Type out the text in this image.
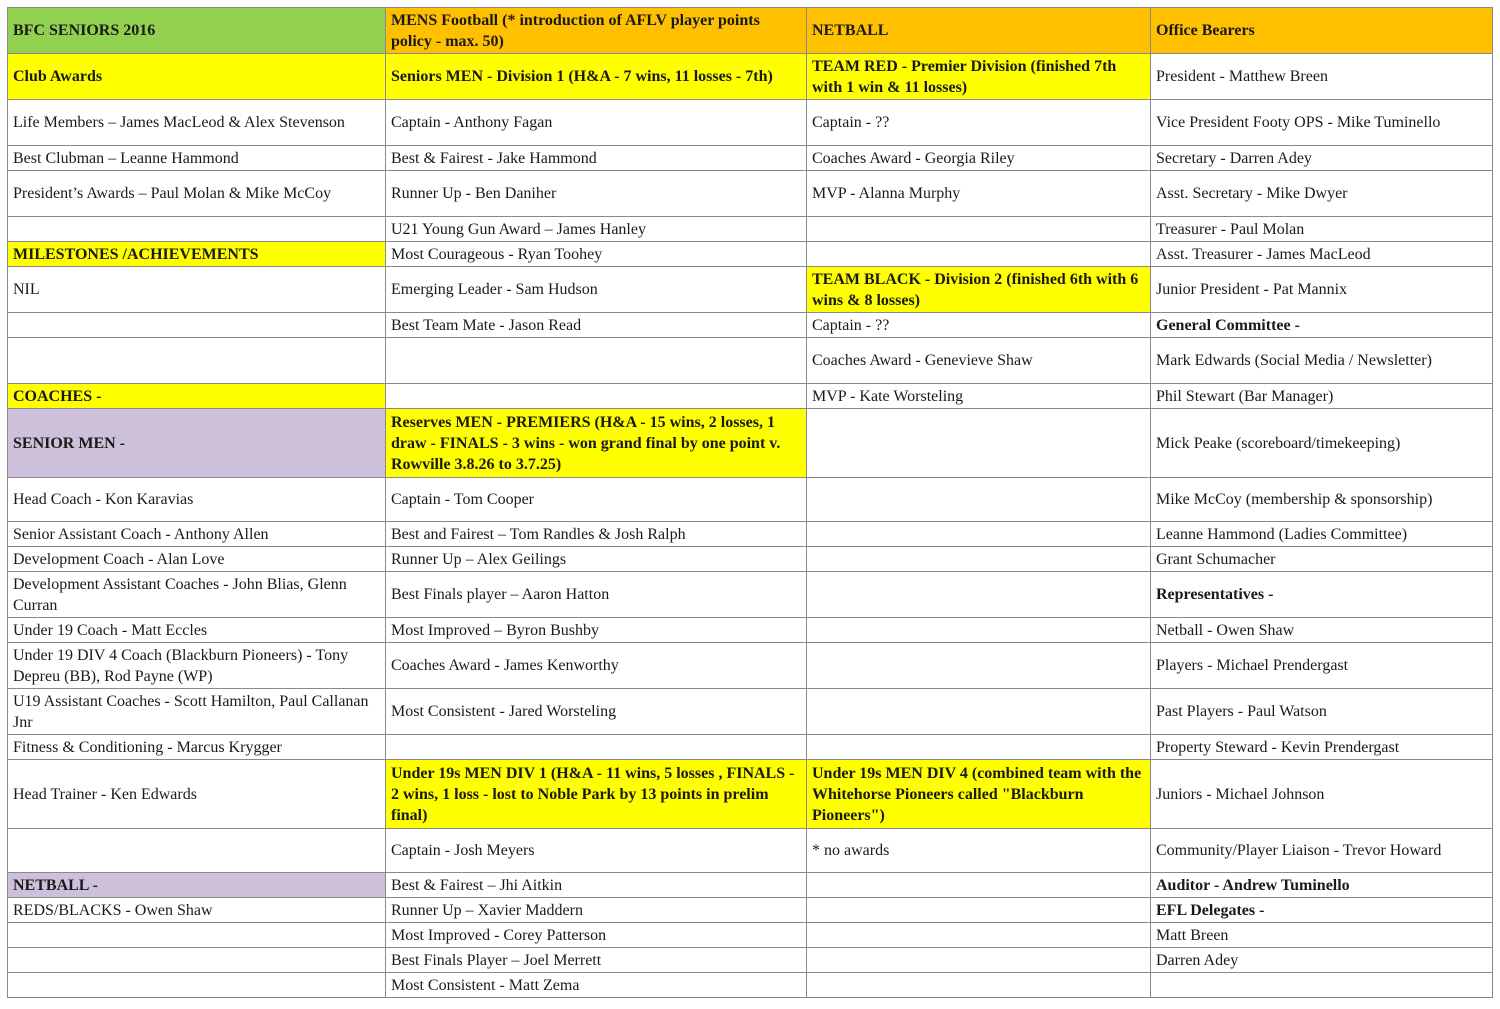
BFC SENIORS 2016	MENS Football (* introduction of AFLV player points policy - max. 50)	NETBALL	Office Bearers
Club Awards	Seniors MEN - Division 1 (H&A - 7 wins, 11 losses - 7th)	TEAM RED - Premier Division (finished 7th with 1 win & 11 losses)	President - Matthew Breen
Life Members – James MacLeod & Alex Stevenson	Captain - Anthony Fagan	Captain - ??	Vice President Footy OPS - Mike Tuminello
Best Clubman – Leanne Hammond	Best & Fairest - Jake Hammond	Coaches Award - Georgia Riley	Secretary - Darren Adey
President’s Awards – Paul Molan & Mike McCoy	Runner Up - Ben Daniher	MVP - Alanna Murphy	Asst. Secretary - Mike Dwyer
	U21 Young Gun Award – James Hanley		Treasurer - Paul Molan
MILESTONES /ACHIEVEMENTS	Most Courageous - Ryan Toohey		Asst. Treasurer - James MacLeod
NIL	Emerging Leader - Sam Hudson	TEAM BLACK - Division 2 (finished 6th with 6 wins & 8 losses)	Junior President - Pat Mannix
	Best Team Mate - Jason Read	Captain - ??	General Committee -
		Coaches Award - Genevieve Shaw	Mark Edwards (Social Media / Newsletter)
COACHES -		MVP - Kate Worsteling	Phil Stewart (Bar Manager)
SENIOR MEN -	Reserves MEN - PREMIERS (H&A - 15 wins, 2 losses, 1 draw - FINALS - 3 wins - won grand final by one point v. Rowville 3.8.26 to 3.7.25)		Mick Peake (scoreboard/timekeeping)
Head Coach - Kon Karavias	Captain - Tom Cooper		Mike McCoy (membership & sponsorship)
Senior Assistant Coach - Anthony Allen	Best and Fairest – Tom Randles & Josh Ralph		Leanne Hammond (Ladies Committee)
Development Coach - Alan Love	Runner Up – Alex Geilings		Grant Schumacher
Development Assistant Coaches - John Blias, Glenn Curran	Best Finals player – Aaron Hatton		Representatives -
Under 19 Coach - Matt Eccles	Most Improved – Byron Bushby		Netball - Owen Shaw
Under 19 DIV 4 Coach (Blackburn Pioneers) - Tony Depreu (BB), Rod Payne (WP)	Coaches Award - James Kenworthy		Players - Michael Prendergast
U19 Assistant Coaches - Scott Hamilton, Paul Callanan Jnr	Most Consistent - Jared Worsteling		Past Players - Paul Watson
Fitness & Conditioning - Marcus Krygger			Property Steward - Kevin Prendergast
Head Trainer - Ken Edwards	Under 19s MEN DIV 1 (H&A - 11 wins, 5 losses , FINALS - 2 wins, 1 loss - lost to Noble Park by 13 points in prelim final)	Under 19s MEN DIV 4 (combined team with the Whitehorse Pioneers called "Blackburn Pioneers")	Juniors - Michael Johnson
	Captain - Josh Meyers	* no awards	Community/Player Liaison - Trevor Howard
NETBALL -	Best & Fairest – Jhi Aitkin		Auditor - Andrew Tuminello
REDS/BLACKS - Owen Shaw	Runner Up – Xavier Maddern		EFL Delegates -
	Most Improved - Corey Patterson		Matt Breen
	Best Finals Player – Joel Merrett		Darren Adey
	Most Consistent - Matt Zema		
